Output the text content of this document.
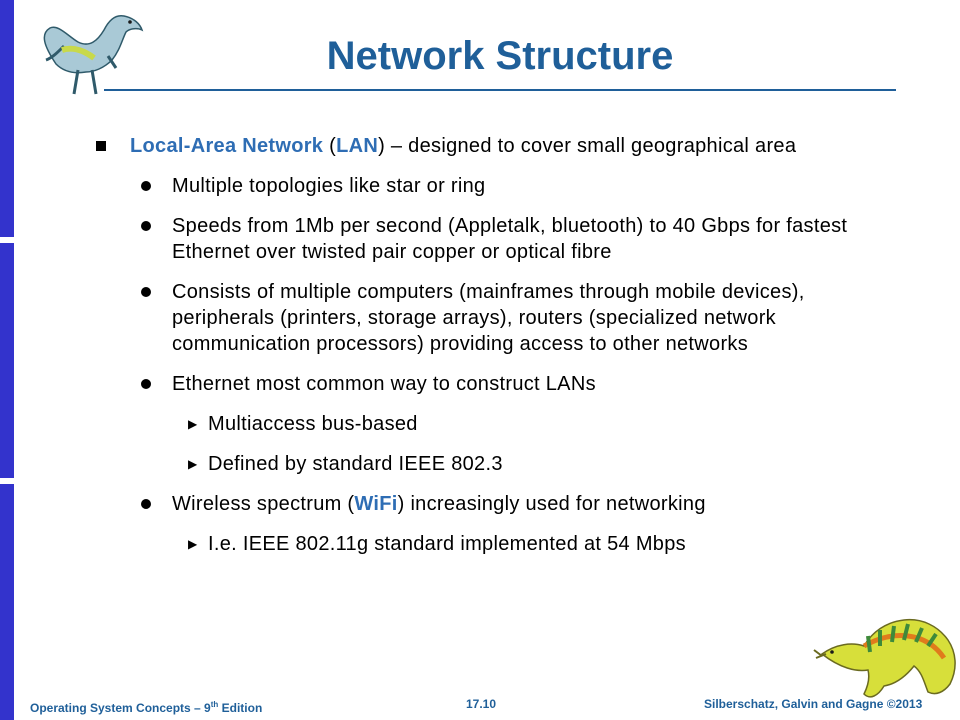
Network Structure
Local-Area Network (LAN) – designed to cover small geographical area
Multiple topologies like star or ring
Speeds from 1Mb per second (Appletalk, bluetooth) to 40 Gbps for fastest Ethernet over twisted pair copper or optical fibre
Consists of multiple computers (mainframes through mobile devices), peripherals (printers, storage arrays), routers (specialized network communication processors) providing access to other networks
Ethernet most common way to construct LANs
▶ Multiaccess bus-based
▶ Defined by standard IEEE 802.3
Wireless spectrum (WiFi) increasingly used for networking
▶ I.e. IEEE 802.11g standard implemented at 54 Mbps
Operating System Concepts – 9th Edition	17.10	Silberschatz, Galvin and Gagne ©2013
